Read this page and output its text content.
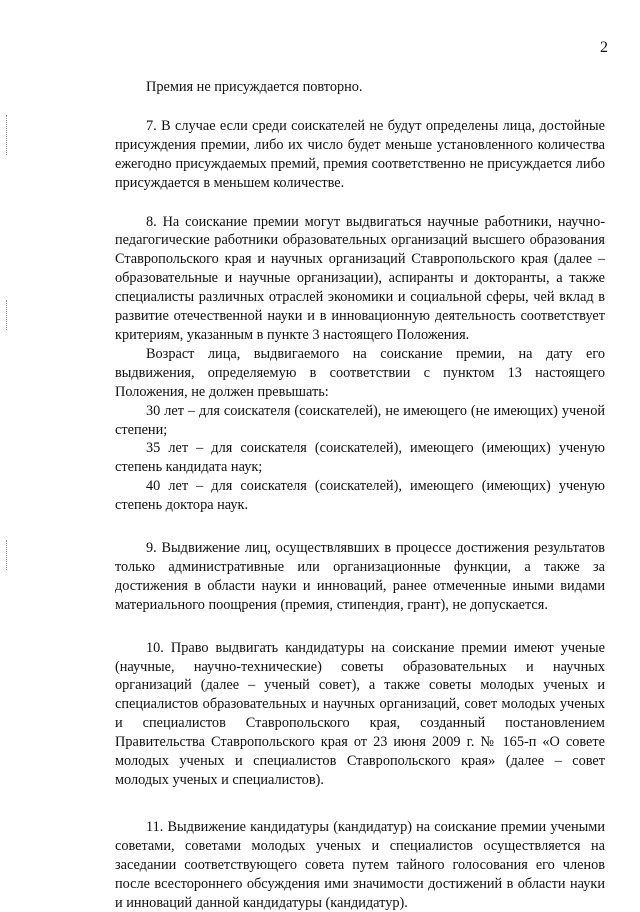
2

Премия не присуждается повторно.

7. В случае если среди соискателей не будут определены лица, достойные присуждения премии, либо их число будет меньше установленного количества ежегодно присуждаемых премий, премия соответственно не присуждается либо присуждается в меньшем количестве.

8. На соискание премии могут выдвигаться научные работники, научно-педагогические работники образовательных организаций высшего образования Ставропольского края и научных организаций Ставропольского края (далее – образовательные и научные организации), аспиранты и докторанты, а также специалисты различных отраслей экономики и социальной сферы, чей вклад в развитие отечественной науки и в инновационную деятельность соответствует критериям, указанным в пункте 3 настоящего Положения.

Возраст лица, выдвигаемого на соискание премии, на дату его выдвижения, определяемую в соответствии с пунктом 13 настоящего Положения, не должен превышать:

30 лет – для соискателя (соискателей), не имеющего (не имеющих) ученой степени;

35 лет – для соискателя (соискателей), имеющего (имеющих) ученую степень кандидата наук;

40 лет – для соискателя (соискателей), имеющего (имеющих) ученую степень доктора наук.

9. Выдвижение лиц, осуществлявших в процессе достижения результатов только административные или организационные функции, а также за достижения в области науки и инноваций, ранее отмеченные иными видами материального поощрения (премия, стипендия, грант), не допускается.

10. Право выдвигать кандидатуры на соискание премии имеют ученые (научные, научно-технические) советы образовательных и научных организаций (далее – ученый совет), а также советы молодых ученых и специалистов образовательных и научных организаций, совет молодых ученых и специалистов Ставропольского края, созданный постановлением Правительства Ставропольского края от 23 июня 2009 г. № 165-п «О совете молодых ученых и специалистов Ставропольского края» (далее – совет молодых ученых и специалистов).

11. Выдвижение кандидатуры (кандидатур) на соискание премии учеными советами, советами молодых ученых и специалистов осуществляется на заседании соответствующего совета путем тайного голосования его членов после всестороннего обсуждения ими значимости достижений в области науки и инноваций данной кандидатуры (кандидатур).
